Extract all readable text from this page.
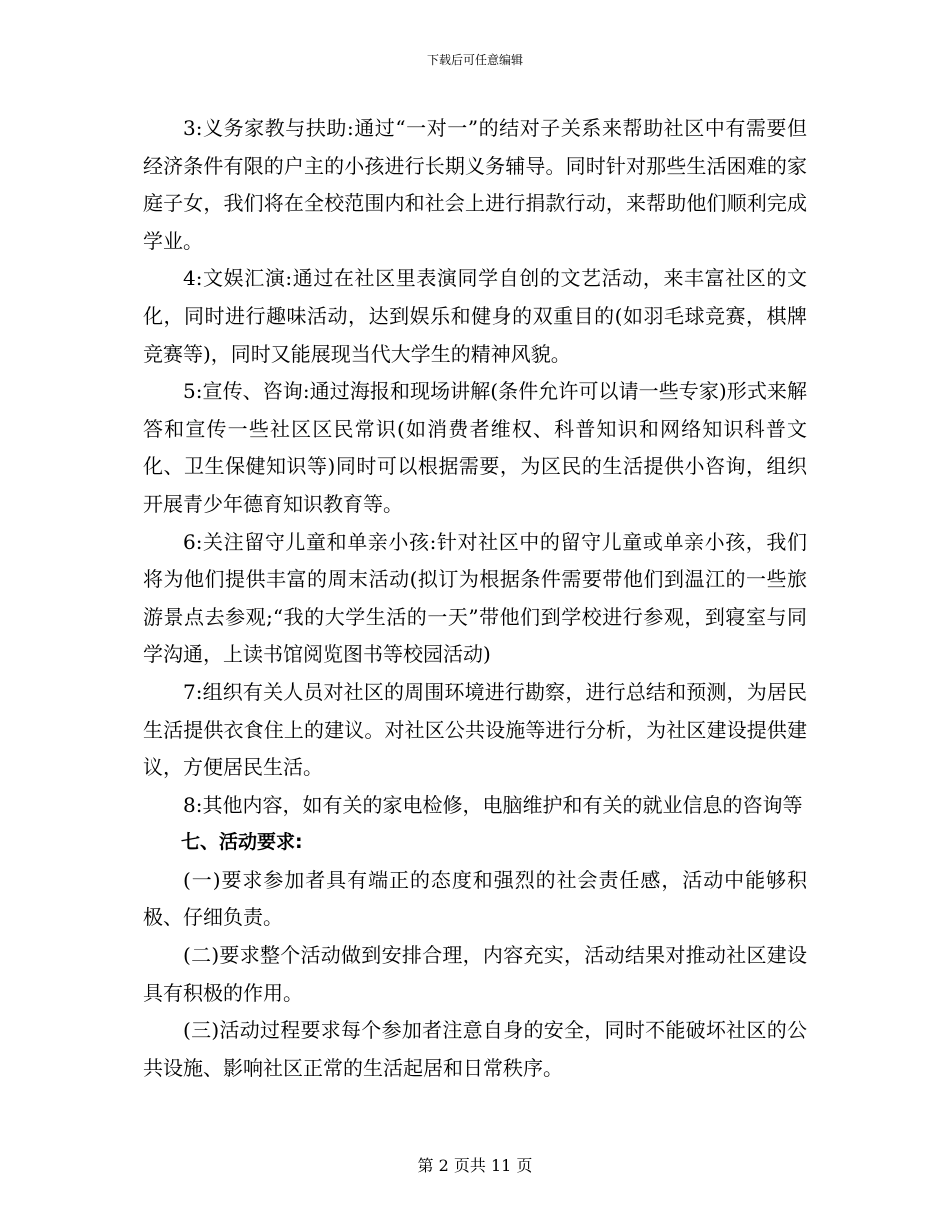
下载后可任意编辑

3:义务家教与扶助:通过“一对一”的结对子关系来帮助社区中有需要但经济条件有限的户主的小孩进行长期义务辅导。同时针对那些生活困难的家庭子女，我们将在全校范围内和社会上进行捐款行动，来帮助他们顺利完成学业。

4:文娱汇演:通过在社区里表演同学自创的文艺活动，来丰富社区的文化，同时进行趣味活动，达到娱乐和健身的双重目的(如羽毛球竞赛，棋牌竞赛等)，同时又能展现当代大学生的精神风貌。

5:宣传、咨询:通过海报和现场讲解(条件允许可以请一些专家)形式来解答和宣传一些社区区民常识(如消费者维权、科普知识和网络知识科普文化、卫生保健知识等)同时可以根据需要，为区民的生活提供小咨询，组织开展青少年德育知识教育等。

6:关注留守儿童和单亲小孩:针对社区中的留守儿童或单亲小孩，我们将为他们提供丰富的周末活动(拟订为根据条件需要带他们到温江的一些旅游景点去参观;“我的大学生活的一天”带他们到学校进行参观，到寝室与同学沟通，上读书馆阅览图书等校园活动)

7:组织有关人员对社区的周围环境进行勘察，进行总结和预测，为居民生活提供衣食住上的建议。对社区公共设施等进行分析，为社区建设提供建议，方便居民生活。

8:其他内容，如有关的家电检修，电脑维护和有关的就业信息的咨询等

七、活动要求:

(一)要求参加者具有端正的态度和强烈的社会责任感，活动中能够积极、仔细负责。

(二)要求整个活动做到安排合理，内容充实，活动结果对推动社区建设具有积极的作用。

(三)活动过程要求每个参加者注意自身的安全，同时不能破坏社区的公共设施、影响社区正常的生活起居和日常秩序。

第 2 页共 11 页
